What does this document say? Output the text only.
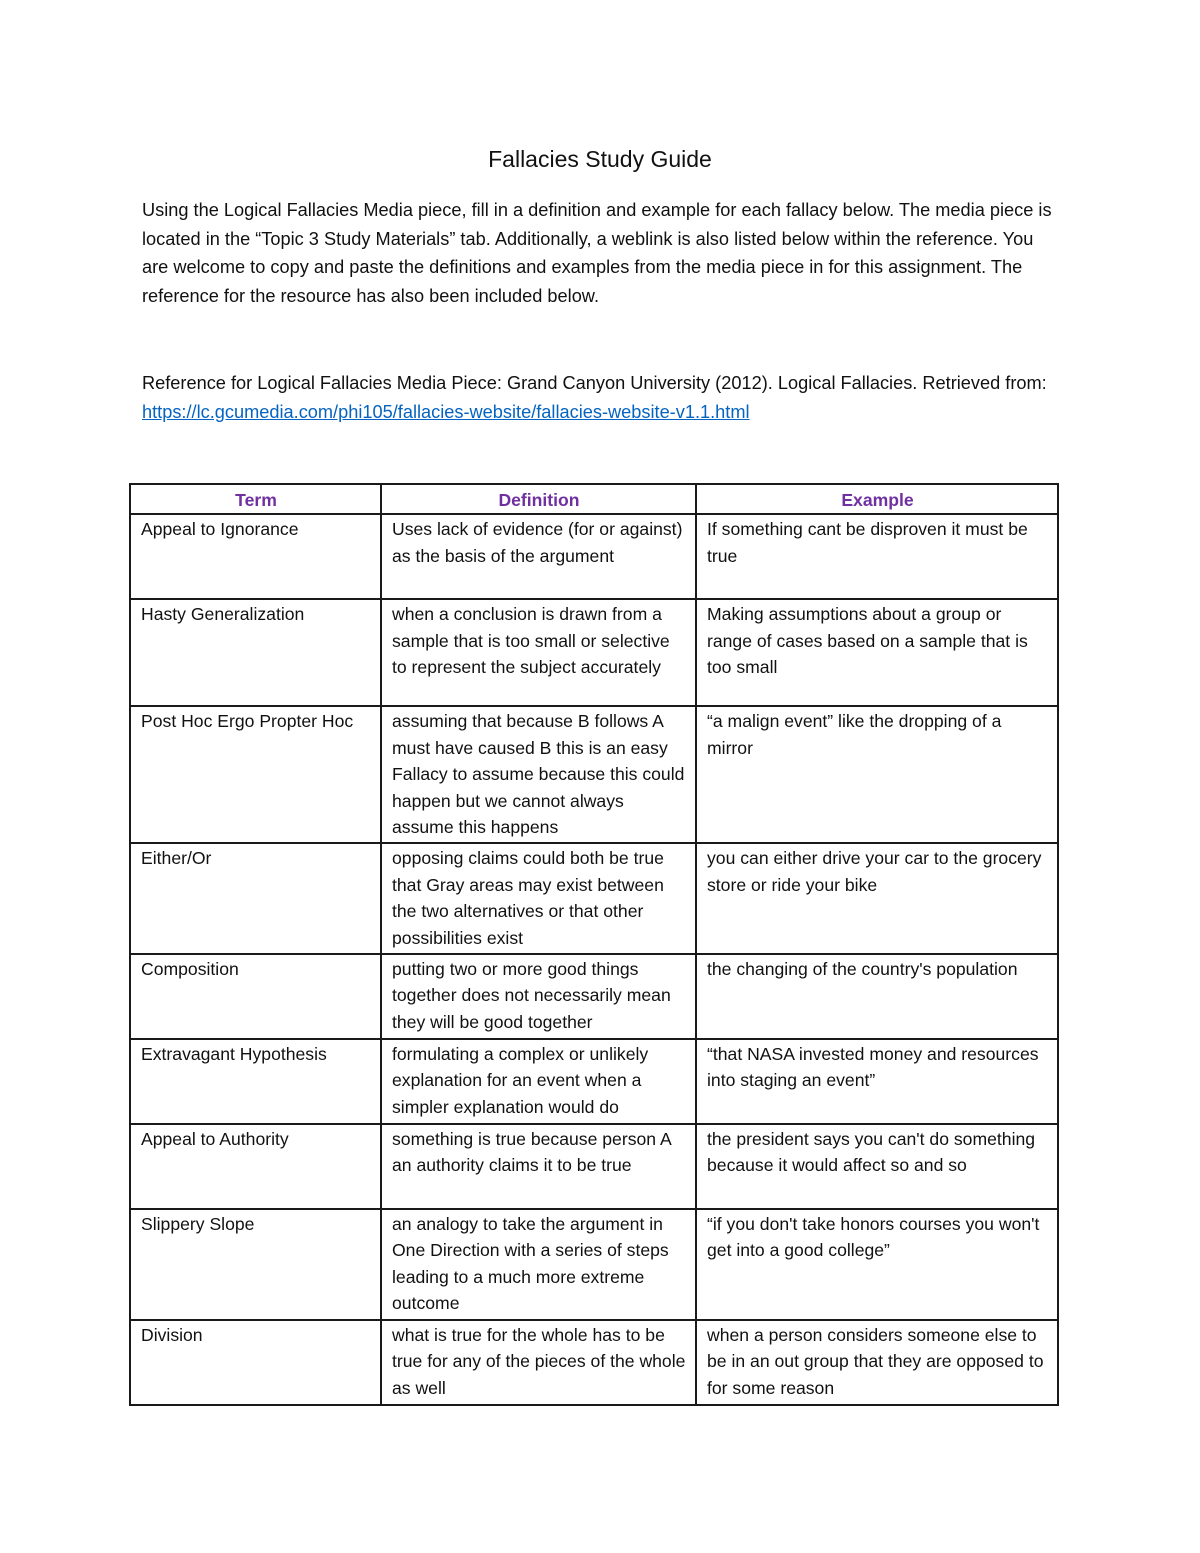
Fallacies Study Guide

Using the Logical Fallacies Media piece, fill in a definition and example for each fallacy below. The media piece is located in the “Topic 3 Study Materials” tab. Additionally, a weblink is also listed below within the reference. You are welcome to copy and paste the definitions and examples from the media piece in for this assignment. The reference for the resource has also been included below.

Reference for Logical Fallacies Media Piece: Grand Canyon University (2012). Logical Fallacies. Retrieved from: https://lc.gcumedia.com/phi105/fallacies-website/fallacies-website-v1.1.html

Term	Definition	Example
Appeal to Ignorance	Uses lack of evidence (for or against) as the basis of the argument	If something cant be disproven it must be true
Hasty Generalization	when a conclusion is drawn from a sample that is too small or selective to represent the subject accurately	Making assumptions about a group or range of cases based on a sample that is too small
Post Hoc Ergo Propter Hoc	assuming that because B follows A must have caused B this is an easy Fallacy to assume because this could happen but we cannot always assume this happens	“a malign event” like the dropping of a mirror
Either/Or	opposing claims could both be true that Gray areas may exist between the two alternatives or that other possibilities exist	you can either drive your car to the grocery store or ride your bike
Composition	putting two or more good things together does not necessarily mean they will be good together	the changing of the country's population
Extravagant Hypothesis	formulating a complex or unlikely explanation for an event when a simpler explanation would do	“that NASA invested money and resources into staging an event”
Appeal to Authority	something is true because person A an authority claims it to be true	the president says you can't do something because it would affect so and so
Slippery Slope	an analogy to take the argument in One Direction with a series of steps leading to a much more extreme outcome	“if you don't take honors courses you won't get into a good college”
Division	what is true for the whole has to be true for any of the pieces of the whole as well	when a person considers someone else to be in an out group that they are opposed to for some reason
